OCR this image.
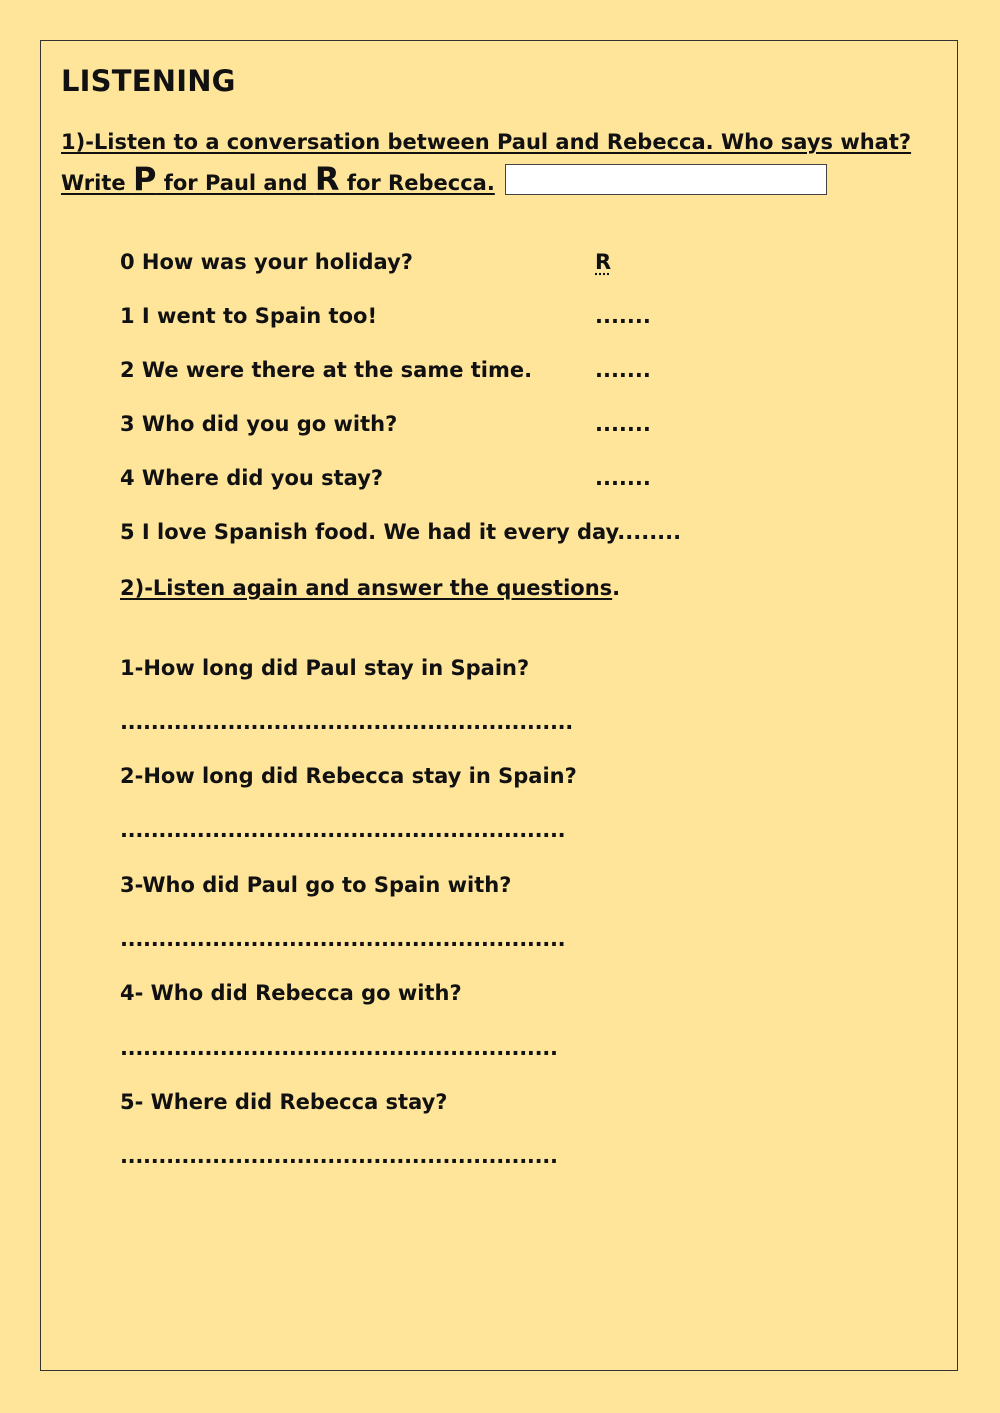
LISTENING
1)-Listen to a conversation between Paul and Rebecca. Who says what?
Write P for Paul and R for Rebecca.
0 How was your holiday?	R
1 I went to Spain too!	.......
2 We were there at the same time.	.......
3 Who did you go with?	.......
4 Where did you stay?	.......
5 I love Spanish food. We had it every day........
2)-Listen again and answer the questions.
1-How long did Paul stay in Spain?
...........................................................
2-How long did Rebecca stay in Spain?
..........................................................
3-Who did Paul go to Spain with?
..........................................................
4- Who did Rebecca go with?
.........................................................
5- Where did Rebecca stay?
.........................................................
